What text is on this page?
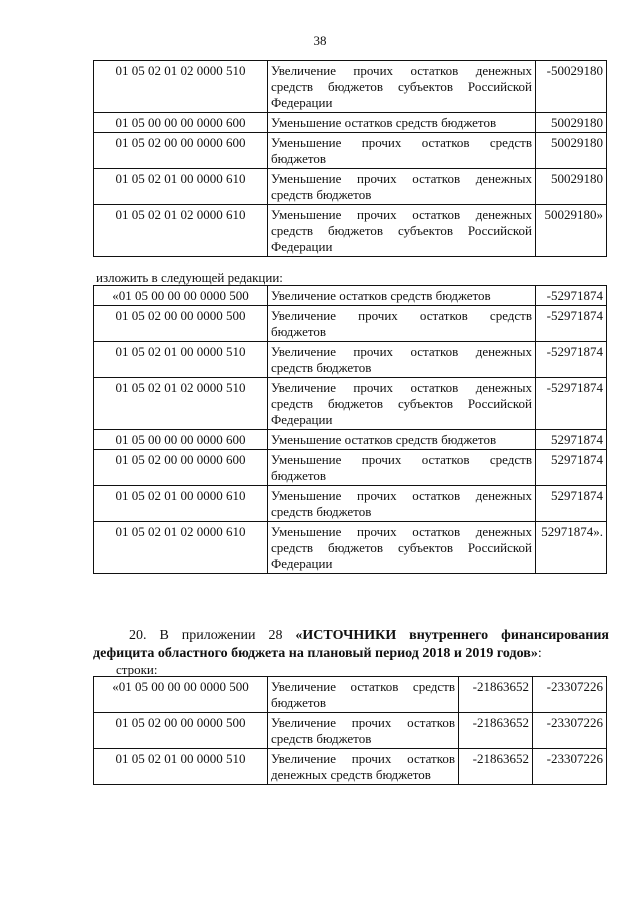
38
01 05 02 01 02 0000 510	Увеличение прочих остатков денежных средств бюджетов субъектов Российской Федерации	-50029180
01 05 00 00 00 0000 600	Уменьшение остатков средств бюджетов	50029180
01 05 02 00 00 0000 600	Уменьшение прочих остатков средств бюджетов	50029180
01 05 02 01 00 0000 610	Уменьшение прочих остатков денежных средств бюджетов	50029180
01 05 02 01 02 0000 610	Уменьшение прочих остатков денежных средств бюджетов субъектов Российской Федерации	50029180»
изложить в следующей редакции:
«01 05 00 00 00 0000 500	Увеличение остатков средств бюджетов	-52971874
01 05 02 00 00 0000 500	Увеличение прочих остатков средств бюджетов	-52971874
01 05 02 01 00 0000 510	Увеличение прочих остатков денежных средств бюджетов	-52971874
01 05 02 01 02 0000 510	Увеличение прочих остатков денежных средств бюджетов субъектов Российской Федерации	-52971874
01 05 00 00 00 0000 600	Уменьшение остатков средств бюджетов	52971874
01 05 02 00 00 0000 600	Уменьшение прочих остатков средств бюджетов	52971874
01 05 02 01 00 0000 610	Уменьшение прочих остатков денежных средств бюджетов	52971874
01 05 02 01 02 0000 610	Уменьшение прочих остатков денежных средств бюджетов субъектов Российской Федерации	52971874».
20. В приложении 28 «ИСТОЧНИКИ внутреннего финансирования дефицита областного бюджета на плановый период 2018 и 2019 годов»:
строки:
«01 05 00 00 00 0000 500	Увеличение остатков средств бюджетов	-21863652	-23307226
01 05 02 00 00 0000 500	Увеличение прочих остатков средств бюджетов	-21863652	-23307226
01 05 02 01 00 0000 510	Увеличение прочих остатков денежных средств бюджетов	-21863652	-23307226
